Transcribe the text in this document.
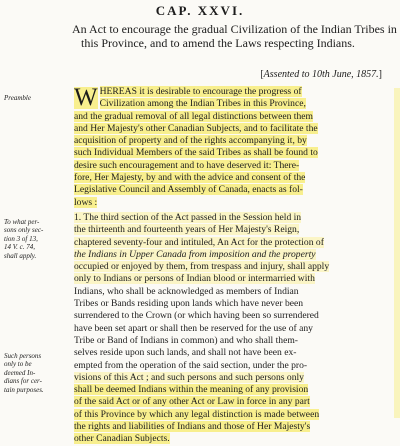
CAP. XXVI.
An Act to encourage the gradual Civilization of the Indian Tribes in this Province, and to amend the Laws respecting Indians.
[Assented to 10th June, 1857.]
Preamble
To what per-
sons only sec-
tion 3 of 13,
14 V. c. 74,
shall apply.
Such persons
only to be
deemed In-
dians for cer-
tain purposes.
W HEREAS it is desirable to encourage the progress of
Civilization among the Indian Tribes in this Province,
and the gradual removal of all legal distinctions between them
and Her Majesty's other Canadian Subjects, and to facilitate the
acquisition of property and of the rights accompanying it, by
such Individual Members of the said Tribes as shall be found to
desire such encouragement and to have deserved it: There-
fore, Her Majesty, by and with the advice and consent of the
Legislative Council and Assembly of Canada, enacts as fol-
lows :
1. The third section of the Act passed in the Session held in
the thirteenth and fourteenth years of Her Majesty's Reign,
chaptered seventy-four and intituled, An Act for the protection of
the Indians in Upper Canada from imposition and the property
occupied or enjoyed by them, from trespass and injury, shall apply
only to Indians or persons of Indian blood or intermarried with
Indians, who shall be acknowledged as members of Indian
Tribes or Bands residing upon lands which have never been
surrendered to the Crown (or which having been so surrendered
have been set apart or shall then be reserved for the use of any
Tribe or Band of Indians in common) and who shall them-
selves reside upon such lands, and shall not have been ex-
empted from the operation of the said section, under the pro-
visions of this Act ; and such persons and such persons only
shall be deemed Indians within the meaning of any provision
of the said Act or of any other Act or Law in force in any part
of this Province by which any legal distinction is made between
the rights and liabilities of Indians and those of Her Majesty's
other Canadian Subjects.
